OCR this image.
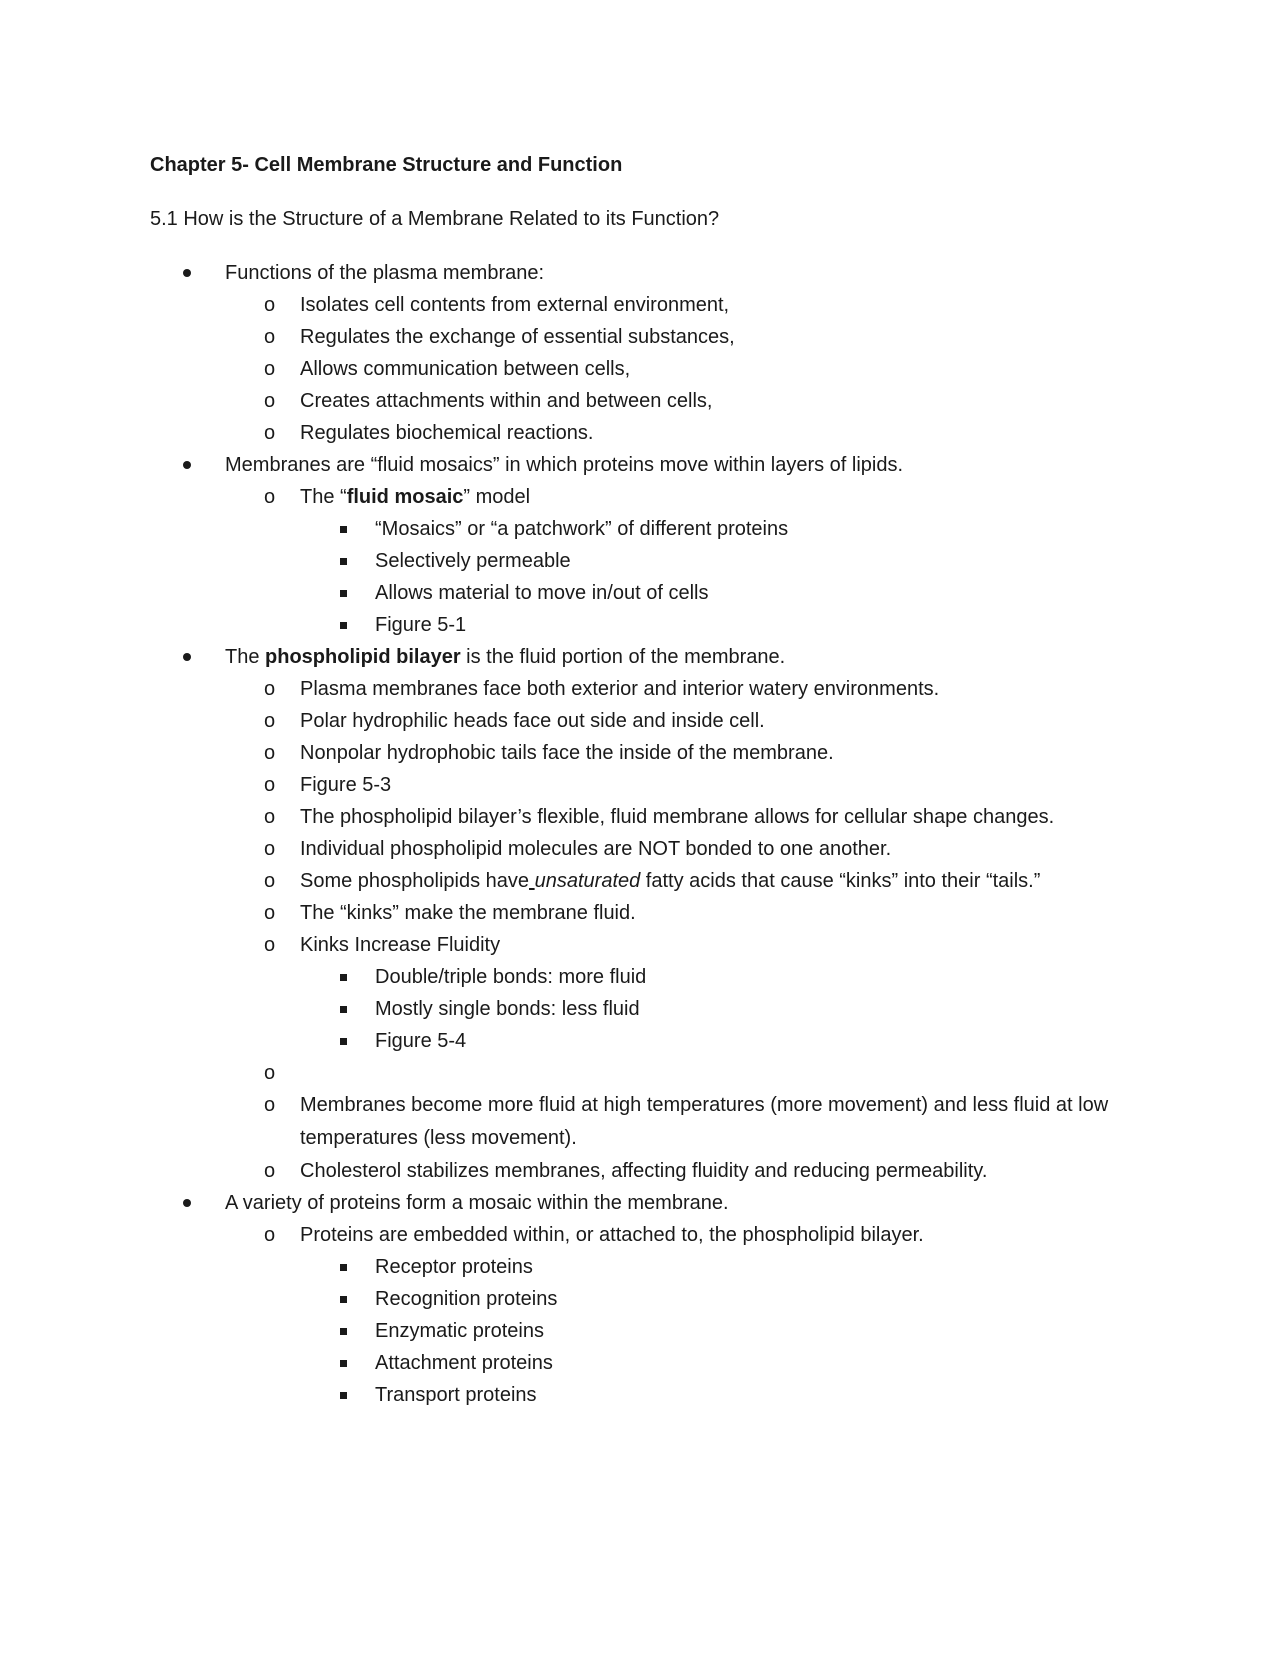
Chapter 5- Cell Membrane Structure and Function
5.1 How is the Structure of a Membrane Related to its Function?
Functions of the plasma membrane:
o Isolates cell contents from external environment,
o Regulates the exchange of essential substances,
o Allows communication between cells,
o Creates attachments within and between cells,
o Regulates biochemical reactions.
Membranes are “fluid mosaics” in which proteins move within layers of lipids.
o The “fluid mosaic” model
“Mosaics” or “a patchwork” of different proteins
Selectively permeable
Allows material to move in/out of cells
Figure 5-1
The phospholipid bilayer is the fluid portion of the membrane.
o Plasma membranes face both exterior and interior watery environments.
o Polar hydrophilic heads face out side and inside cell.
o Nonpolar hydrophobic tails face the inside of the membrane.
o Figure 5-3
o The phospholipid bilayer’s flexible, fluid membrane allows for cellular shape changes.
o Individual phospholipid molecules are NOT bonded to one another.
o Some phospholipids have unsaturated fatty acids that cause “kinks” into their “tails.”
o The “kinks” make the membrane fluid.
o Kinks Increase Fluidity
Double/triple bonds: more fluid
Mostly single bonds: less fluid
Figure 5-4
o

o Membranes become more fluid at high temperatures (more movement) and less fluid at low temperatures (less movement).
o Cholesterol stabilizes membranes, affecting fluidity and reducing permeability.
A variety of proteins form a mosaic within the membrane.
o Proteins are embedded within, or attached to, the phospholipid bilayer.
Receptor proteins
Recognition proteins
Enzymatic proteins
Attachment proteins
Transport proteins
